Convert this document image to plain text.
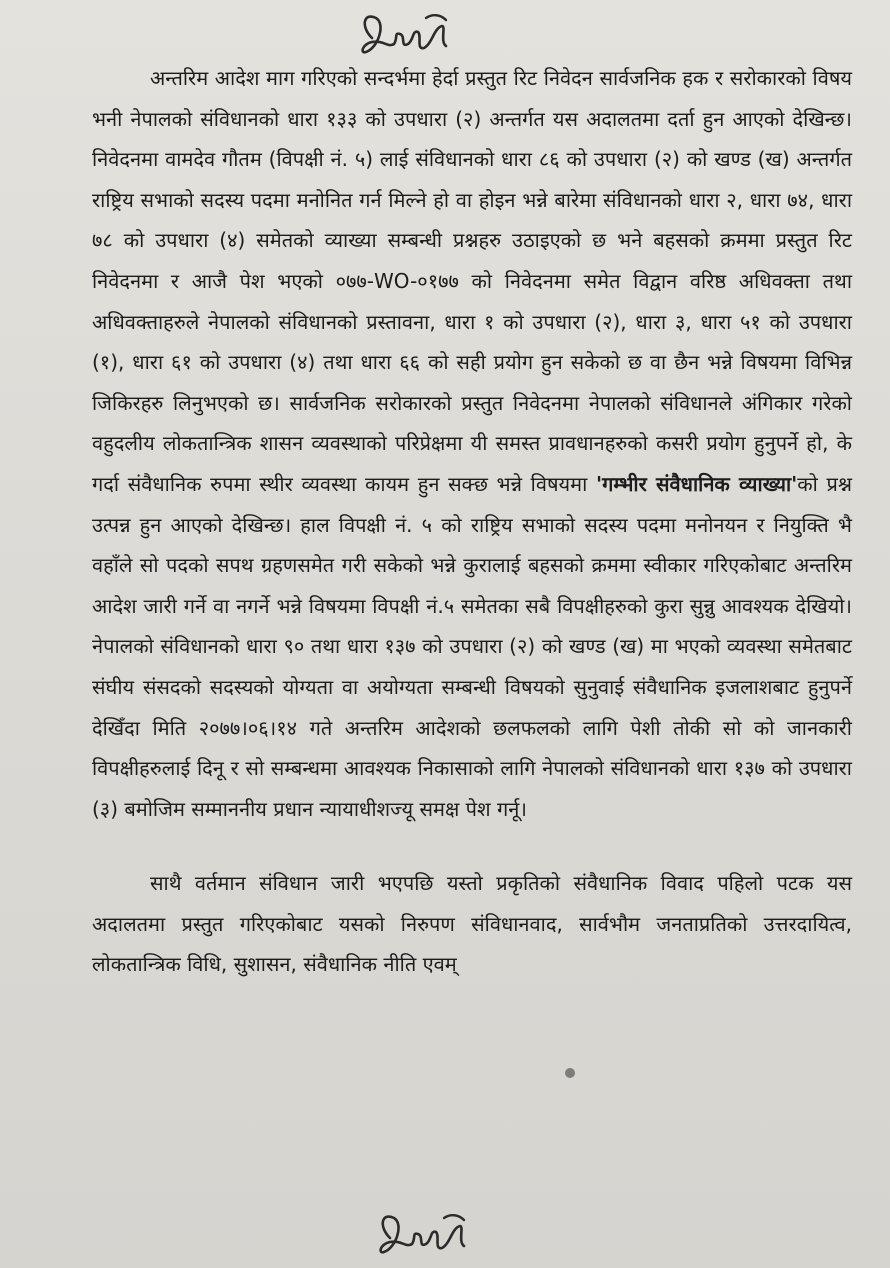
अन्तरिम आदेश माग गरिएको सन्दर्भमा हेर्दा प्रस्तुत रिट निवेदन सार्वजनिक हक र सरोकारको विषय भनी नेपालको संविधानको धारा १३३ को उपधारा (२) अन्तर्गत यस अदालतमा दर्ता हुन आएको देखिन्छ। निवेदनमा वामदेव गौतम (विपक्षी नं. ५) लाई संविधानको धारा ८६ को उपधारा (२) को खण्ड (ख) अन्तर्गत राष्ट्रिय सभाको सदस्य पदमा मनोनित गर्न मिल्ने हो वा होइन भन्ने बारेमा संविधानको धारा २, धारा ७४, धारा ७८ को उपधारा (४) समेतको व्याख्या सम्बन्धी प्रश्नहरु उठाइएको छ भने बहसको क्रममा प्रस्तुत रिट निवेदनमा र आजै पेश भएको ०७७-WO-०१७७ को निवेदनमा समेत विद्वान वरिष्ठ अधिवक्ता तथा अधिवक्ताहरुले नेपालको संविधानको प्रस्तावना, धारा १ को उपधारा (२), धारा ३, धारा ५१ को उपधारा (१), धारा ६१ को उपधारा (४) तथा धारा ६६ को सही प्रयोग हुन सकेको छ वा छैन भन्ने विषयमा विभिन्न जिकिरहरु लिनुभएको छ। सार्वजनिक सरोकारको प्रस्तुत निवेदनमा नेपालको संविधानले अंगिकार गरेको वहुदलीय लोकतान्त्रिक शासन व्यवस्थाको परिप्रेक्षमा यी समस्त प्रावधानहरुको कसरी प्रयोग हुनुपर्ने हो, के गर्दा संवैधानिक रुपमा स्थीर व्यवस्था कायम हुन सक्छ भन्ने विषयमा 'गम्भीर संवैधानिक व्याख्या'को प्रश्न उत्पन्न हुन आएको देखिन्छ। हाल विपक्षी नं. ५ को राष्ट्रिय सभाको सदस्य पदमा मनोनयन र नियुक्ति भै वहाँले सो पदको सपथ ग्रहणसमेत गरी सकेको भन्ने कुरालाई बहसको क्रममा स्वीकार गरिएकोबाट अन्तरिम आदेश जारी गर्ने वा नगर्ने भन्ने विषयमा विपक्षी नं.५ समेतका सबै विपक्षीहरुको कुरा सुन्नु आवश्यक देखियो। नेपालको संविधानको धारा ९० तथा धारा १३७ को उपधारा (२) को खण्ड (ख) मा भएको व्यवस्था समेतबाट संघीय संसदको सदस्यको योग्यता वा अयोग्यता सम्बन्धी विषयको सुनुवाई संवैधानिक इजलाशबाट हुनुपर्ने देखिँदा मिति २०७७।०६।१४ गते अन्तरिम आदेशको छलफलको लागि पेशी तोकी सो को जानकारी विपक्षीहरुलाई दिनू र सो सम्बन्धमा आवश्यक निकासाको लागि नेपालको संविधानको धारा १३७ को उपधारा (३) बमोजिम सम्माननीय प्रधान न्यायाधीशज्यू समक्ष पेश गर्नू।

साथै वर्तमान संविधान जारी भएपछि यस्तो प्रकृतिको संवैधानिक विवाद पहिलो पटक यस अदालतमा प्रस्तुत गरिएकोबाट यसको निरुपण संविधानवाद, सार्वभौम जनताप्रतिको उत्तरदायित्व, लोकतान्त्रिक विधि, सुशासन, संवैधानिक नीति एवम्
